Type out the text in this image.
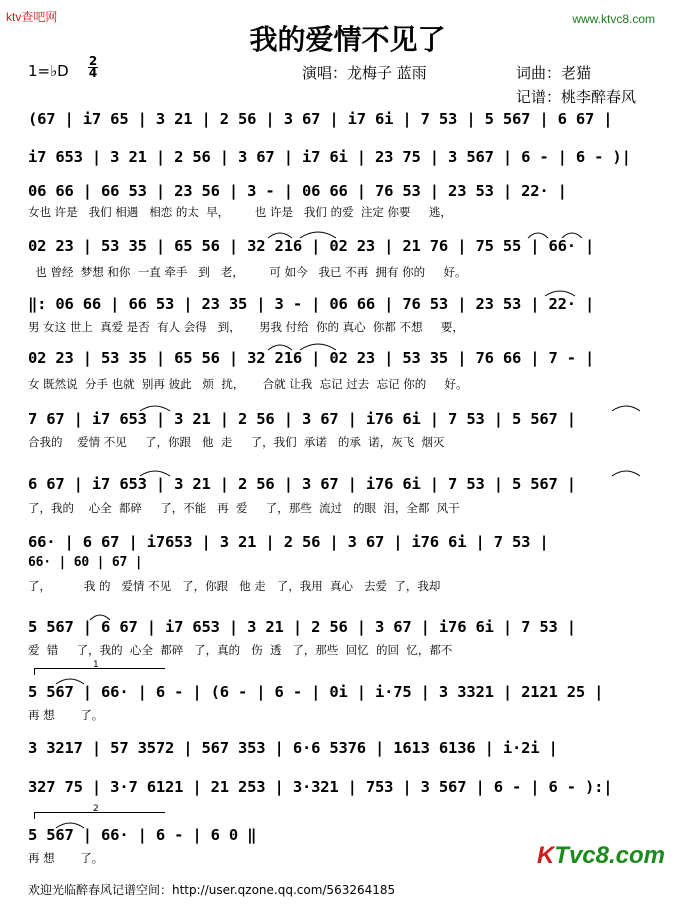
ktv查吧网	www.ktvc8.com
我的爱情不见了
1=♭D
2
4	演唱：龙梅子 蓝雨	词曲：老猫
记谱：桃李醉春风
(67 | i7 65 | 3 21 | 2 56 | 3 67 | i7 6i | 7 53 | 5 567 | 6 67 |
i7 653 | 3 21 | 2 56 | 3 67 | i7 6i | 23 75 | 3 567 | 6 - | 6 - )|
06 66 | 66 53 | 23 56 | 3 - | 06 66 | 76 53 | 23 53 | 22· |
女也 许是   我们 相遇   相恋 的太  早，       也 许是   我们 的爱  注定 你要     逃，
02 23 | 53 35 | 65 56 | 32 216 | 02 23 | 21 76 | 75 55 | 66· |
也 曾经  梦想 和你  一直 牵手   到   老，       可 如今   我已 不再  拥有 你的     好。
‖: 06 66 | 66 53 | 23 35 | 3 - | 06 66 | 76 53 | 23 53 | 22· |
男 女这 世上  真爱 是否  有人 会得   到，     男我 付给  你的 真心  你都 不想     要，
02 23 | 53 35 | 65 56 | 32 216 | 02 23 | 53 35 | 76 66 | 7 - |
女 既然说  分手 也就  别再 彼此   烦  扰，     合就 让我  忘记 过去  忘记 你的     好。
7 67 | i7 653 | 3 21 | 2 56 | 3 67 | i76 6i | 7 53 | 5 567 |
合我的    爱情 不见     了，你跟   他  走     了，我们  承诺   的承  诺，灰飞  烟灭
6 67 | i7 653 | 3 21 | 2 56 | 3 67 | i76 6i | 7 53 | 5 567 |
了，我的    心全  都碎     了，不能   再  爱     了，那些  流过   的眼  泪，全都  风干
66· | 6 67 | i7653 | 3 21 | 2 56 | 3 67 | i76 6i | 7 53 |
66· | 60 | 67 |
了，         我 的   爱情 不见   了，你跟   他 走   了，我用  真心   去爱  了，我却
5 567 | 6 67 | i7 653 | 3 21 | 2 56 | 3 67 | i76 6i | 7 53 |
爱  错     了，我的  心全  都碎   了，真的   伤  透   了，那些  回忆  的回  忆，都不
1
5 567 | 66· | 6 - | (6 - | 6 - | 0i | i·75 | 3 3321 | 2121 25 |
再 想       了。
3 3217 | 57 3572 | 567 353 | 6·6 5376 | 1613 6136 | i·2i |
327 75 | 3·7 6121 | 21 253 | 3·321 | 753 | 3 567 | 6 - | 6 - ):|
2
5 567 | 66· | 6 - | 6 0 ‖
再 想       了。
欢迎光临醉春风记谱空间：http://user.qzone.qq.com/563264185
KTvc8.com
